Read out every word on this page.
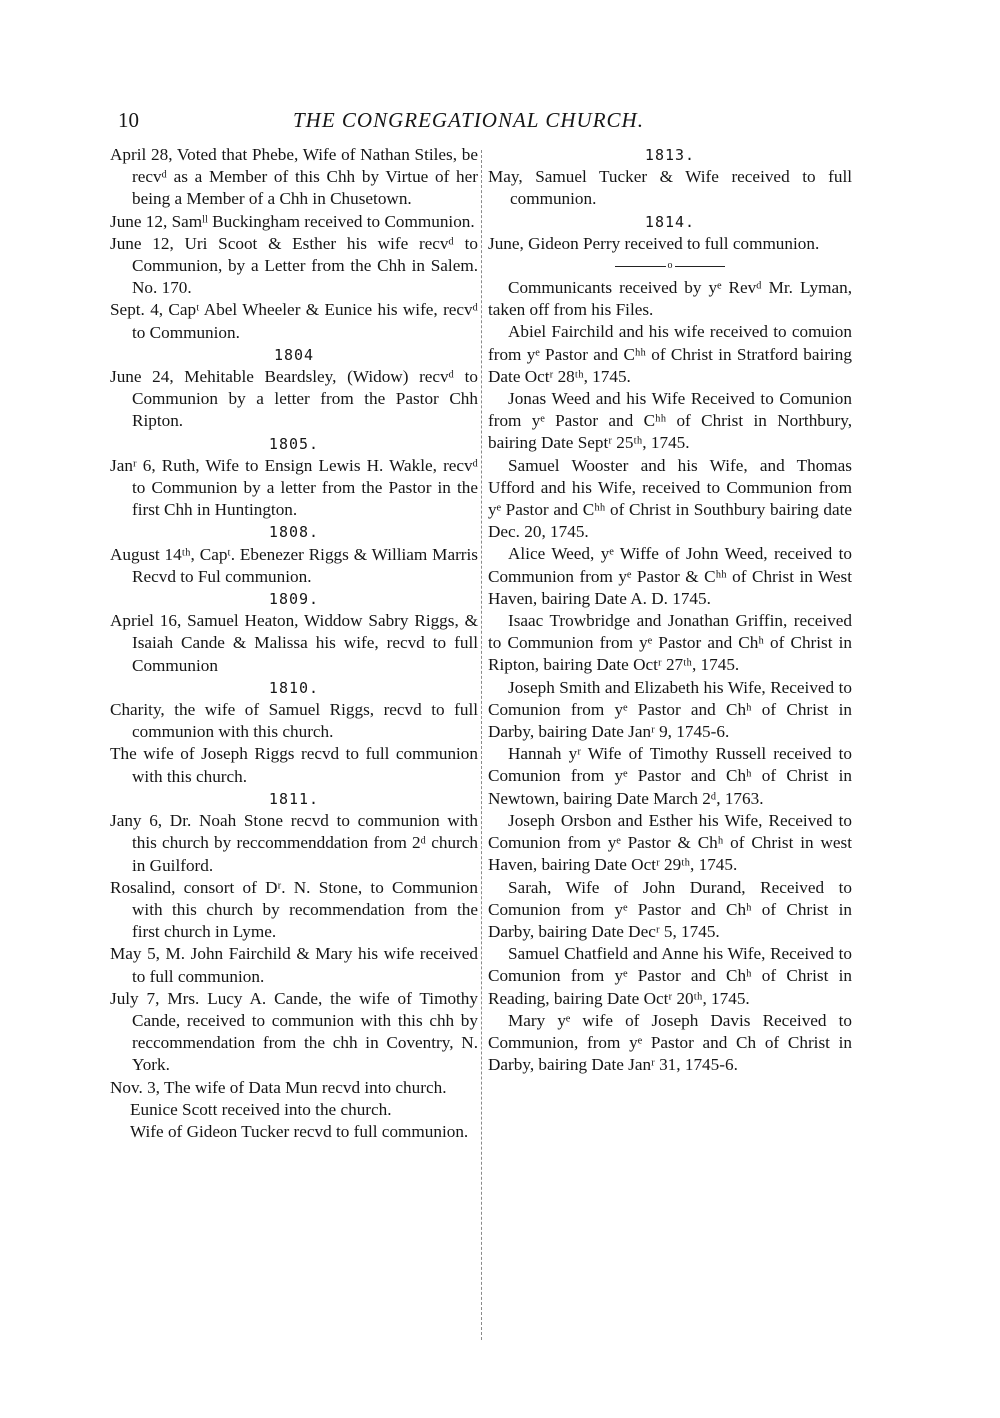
10	THE CONGREGATIONAL CHURCH.

April 28, Voted that Phebe, Wife of Nathan Stiles, be recvᵈ as a Member of this Chh by Virtue of her being a Member of a Chh in Chusetown.

June 12, Samˡˡ Buckingham received to Communion.

June 12, Uri Scoot & Esther his wife recvᵈ to Communion, by a Letter from the Chh in Salem. No. 170.

Sept. 4, Capᵗ Abel Wheeler & Eunice his wife, recvᵈ to Communion.

1804

June 24, Mehitable Beardsley, (Widow) recvᵈ to Communion by a letter from the Pastor Chh Ripton.

1805.

Janʳ 6, Ruth, Wife to Ensign Lewis H. Wakle, recvᵈ to Communion by a letter from the Pastor in the first Chh in Huntington.

1808.

August 14ᵗʰ, Capᵗ. Ebenezer Riggs & William Marris Recvd to Ful communion.

1809.

Apriel 16, Samuel Heaton, Widdow Sabry Riggs, & Isaiah Cande & Malissa his wife, recvd to full Communion

1810.

Charity, the wife of Samuel Riggs, recvd to full communion with this church.

The wife of Joseph Riggs recvd to full communion with this church.

1811.

Jany 6, Dr. Noah Stone recvd to communion with this church by reccommenddation from 2ᵈ church in Guilford.

Rosalind, consort of Dʳ. N. Stone, to Communion with this church by recommendation from the first church in Lyme.

May 5, M. John Fairchild & Mary his wife received to full communion.

July 7, Mrs. Lucy A. Cande, the wife of Timothy Cande, received to communion with this chh by reccommendation from the chh in Coventry, N. York.

Nov. 3, The wife of Data Mun recvd into church.

Eunice Scott received into the church.

Wife of Gideon Tucker recvd to full communion.

1813.

May, Samuel Tucker & Wife received to full communion.

1814.

June, Gideon Perry received to full communion.

o

Communicants received by yᵉ Revᵈ Mr. Lyman, taken off from his Files.

Abiel Fairchild and his wife received to comuion from yᵉ Pastor and Cʰʰ of Christ in Stratford bairing Date Octʳ 28ᵗʰ, 1745.

Jonas Weed and his Wife Received to Comunion from yᵉ Pastor and Cʰʰ of Christ in Northbury, bairing Date Septʳ 25ᵗʰ, 1745.

Samuel Wooster and his Wife, and Thomas Ufford and his Wife, received to Communion from yᵉ Pastor and Cʰʰ of Christ in Southbury bairing date Dec. 20, 1745.

Alice Weed, yᵉ Wiffe of John Weed, received to Communion from yᵉ Pastor & Cʰʰ of Christ in West Haven, bairing Date A. D. 1745.

Isaac Trowbridge and Jonathan Griffin, received to Communion from yᵉ Pastor and Chʰ of Christ in Ripton, bairing Date Octʳ 27ᵗʰ, 1745.

Joseph Smith and Elizabeth his Wife, Received to Comunion from yᵉ Pastor and Chʰ of Christ in Darby, bairing Date Janʳ 9, 1745-6.

Hannah yʳ Wife of Timothy Russell received to Comunion from yᵉ Pastor and Chʰ of Christ in Newtown, bairing Date March 2ᵈ, 1763.

Joseph Orsbon and Esther his Wife, Received to Comunion from yᵉ Pastor & Chʰ of Christ in west Haven, bairing Date Octʳ 29ᵗʰ, 1745.

Sarah, Wife of John Durand, Received to Comunion from yᵉ Pastor and Chʰ of Christ in Darby, bairing Date Decʳ 5, 1745.

Samuel Chatfield and Anne his Wife, Received to Comunion from yᵉ Pastor and Chʰ of Christ in Reading, bairing Date Octʳ 20ᵗʰ, 1745.

Mary yᵉ wife of Joseph Davis Received to Communion, from yᵉ Pastor and Ch of Christ in Darby, bairing Date Janʳ 31, 1745-6.
